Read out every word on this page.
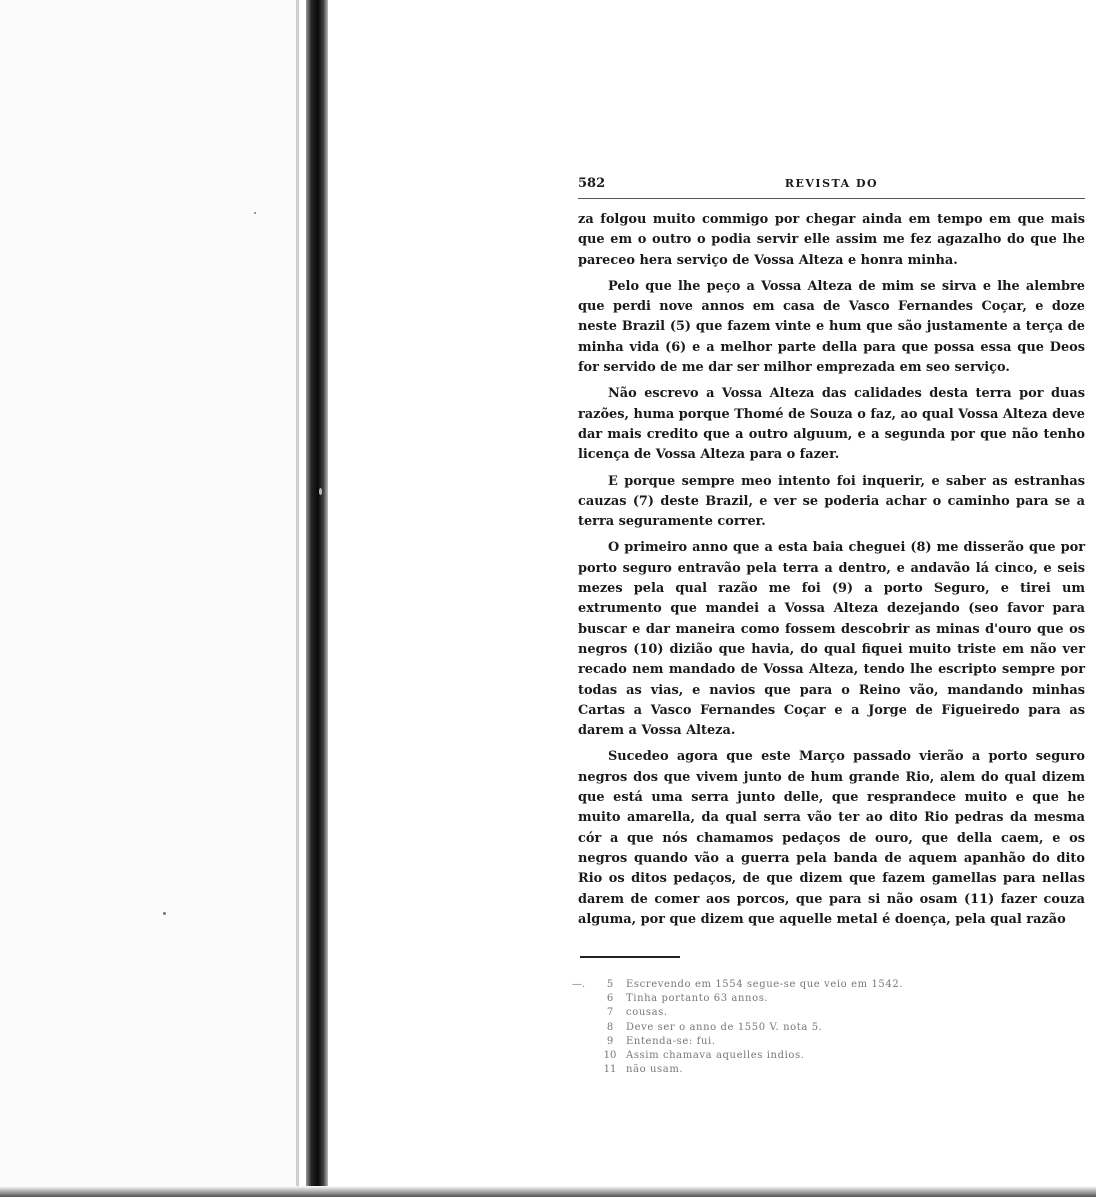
582	REVISTA DO

za folgou muito commigo por chegar ainda em tempo em que mais que em o outro o podia servir elle assim me fez agazalho do que lhe pareceo hera serviço de Vossa Alteza e honra minha.

Pelo que lhe peço a Vossa Alteza de mim se sirva e lhe alembre que perdi nove annos em casa de Vasco Fernandes Coçar, e doze neste Brazil (5) que fazem vinte e hum que são justamente a terça de minha vida (6) e a melhor parte della para que possa essa que Deos for servido de me dar ser milhor emprezada em seo serviço.

Não escrevo a Vossa Alteza das calidades desta terra por duas razões, huma porque Thomé de Souza o faz, ao qual Vossa Alteza deve dar mais credito que a outro alguum, e a segunda por que não tenho licença de Vossa Alteza para o fazer.

E porque sempre meo intento foi inquerir, e saber as estranhas cauzas (7) deste Brazil, e ver se poderia achar o caminho para se a terra seguramente correr.

O primeiro anno que a esta baia cheguei (8) me disserão que por porto seguro entravão pela terra a dentro, e andavão lá cinco, e seis mezes pela qual razão me foi (9) a porto Seguro, e tirei um extrumento que mandei a Vossa Alteza dezejando (seo favor para buscar e dar maneira como fossem descobrir as minas d'ouro que os negros (10) dizião que havia, do qual fiquei muito triste em não ver recado nem mandado de Vossa Alteza, tendo lhe escripto sempre por todas as vias, e navios que para o Reino vão, mandando minhas Cartas a Vasco Fernandes Coçar e a Jorge de Figueiredo para as darem a Vossa Alteza.

Sucedeo agora que este Março passado vierão a porto seguro negros dos que vivem junto de hum grande Rio, alem do qual dizem que está uma serra junto delle, que resprandece muito e que he muito amarella, da qual serra vão ter ao dito Rio pedras da mesma cór a que nós chamamos pedaços de ouro, que della caem, e os negros quando vão a guerra pela banda de aquem apanhão do dito Rio os ditos pedaços, de que dizem que fazem gamellas para nellas darem de comer aos porcos, que para si não osam (11) fazer couza alguma, por que dizem que aquelle metal é doença, pela qual razão

—.	5	Escrevendo em 1554 segue-se que veio em 1542.
6	Tinha portanto 63 annos.
7	cousas.
8	Deve ser o anno de 1550 V. nota 5.
9	Entenda-se: fui.
10 Assim chamava aquelles indios.
11 não usam.
